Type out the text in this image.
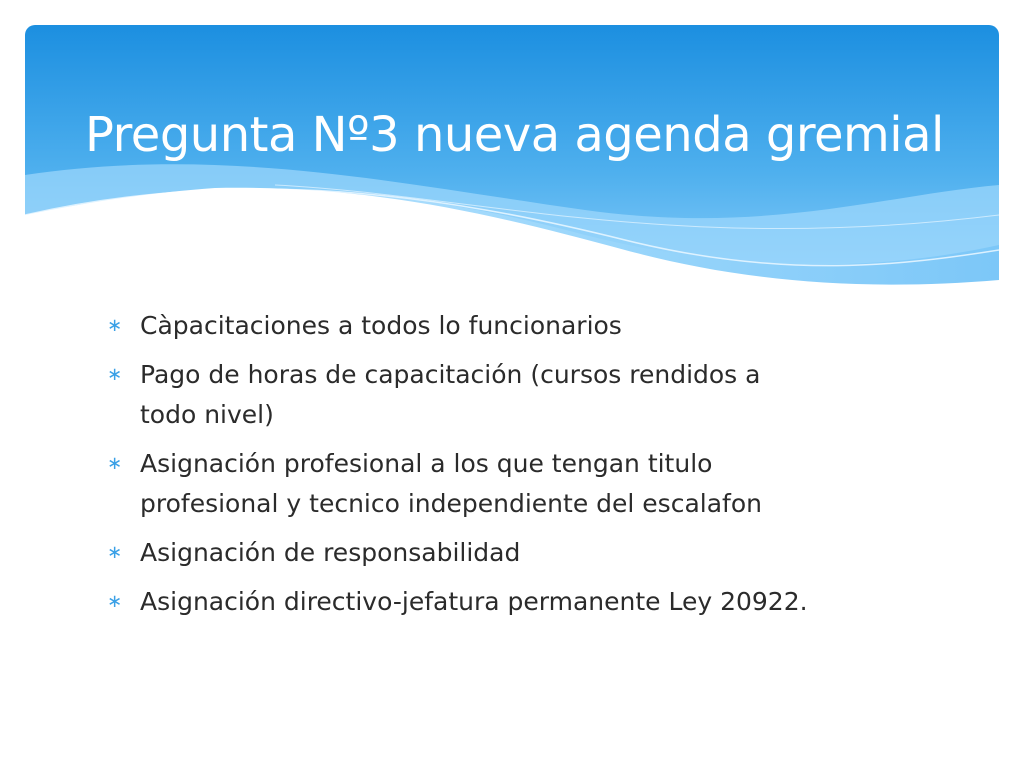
Pregunta Nº3 nueva agenda gremial
∗ Càpacitaciones a todos lo funcionarios
∗ Pago de horas de capacitación (cursos rendidos a
todo nivel)
∗ Asignación profesional a los que tengan titulo
profesional y tecnico independiente del escalafon
∗ Asignación de responsabilidad
∗ Asignación directivo-jefatura permanente Ley 20922.
